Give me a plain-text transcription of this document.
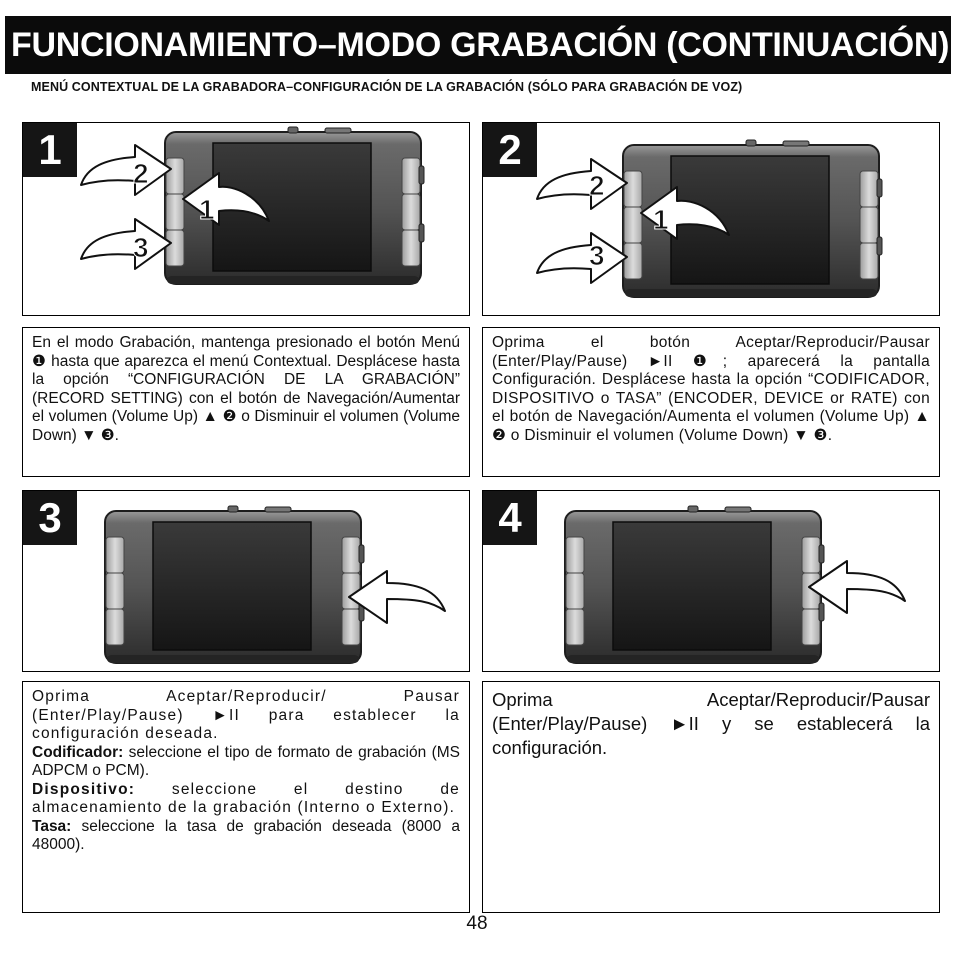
FUNCIONAMIENTO–MODO GRABACIÓN (CONTINUACIÓN)
MENÚ CONTEXTUAL DE LA GRABADORA–CONFIGURACIÓN DE LA GRABACIÓN (SÓLO PARA GRABACIÓN DE VOZ)
1
2
3
1
2
2
3
1

En el modo Grabación, mantenga presionado el botón Menú ❶ hasta que aparezca el menú Contextual. Desplácese hasta la opción “CONFIGURACIÓN DE LA GRABACIÓN” (RECORD SETTING) con el botón de Navegación/Aumentar el volumen (Volume Up) ▲ ❷ o Disminuir el volumen (Volume Down) ▼ ❸.

Oprima el botón Aceptar/Reproducir/Pausar (Enter/Play/Pause) ►II ❶; aparecerá la pantalla Configuración. Desplácese hasta la opción “CODIFICADOR, DISPOSITIVO o TASA” (ENCODER, DEVICE or RATE) con el botón de Navegación/Aumenta el volumen (Volume Up) ▲ ❷ o Disminuir el volumen (Volume Down) ▼ ❸.

3	4

Oprima Aceptar/Reproducir/ Pausar (Enter/Play/Pause) ►II para establecer la configuración deseada.

Codificador: seleccione el tipo de formato de grabación (MS ADPCM o PCM).

Dispositivo: seleccione el destino de almacenamiento de la grabación (Interno o Externo).

Tasa: seleccione la tasa de grabación deseada (8000 a 48000).

Oprima Aceptar/Reproducir/Pausar (Enter/Play/Pause) ►II y se establecerá la configuración.

48
